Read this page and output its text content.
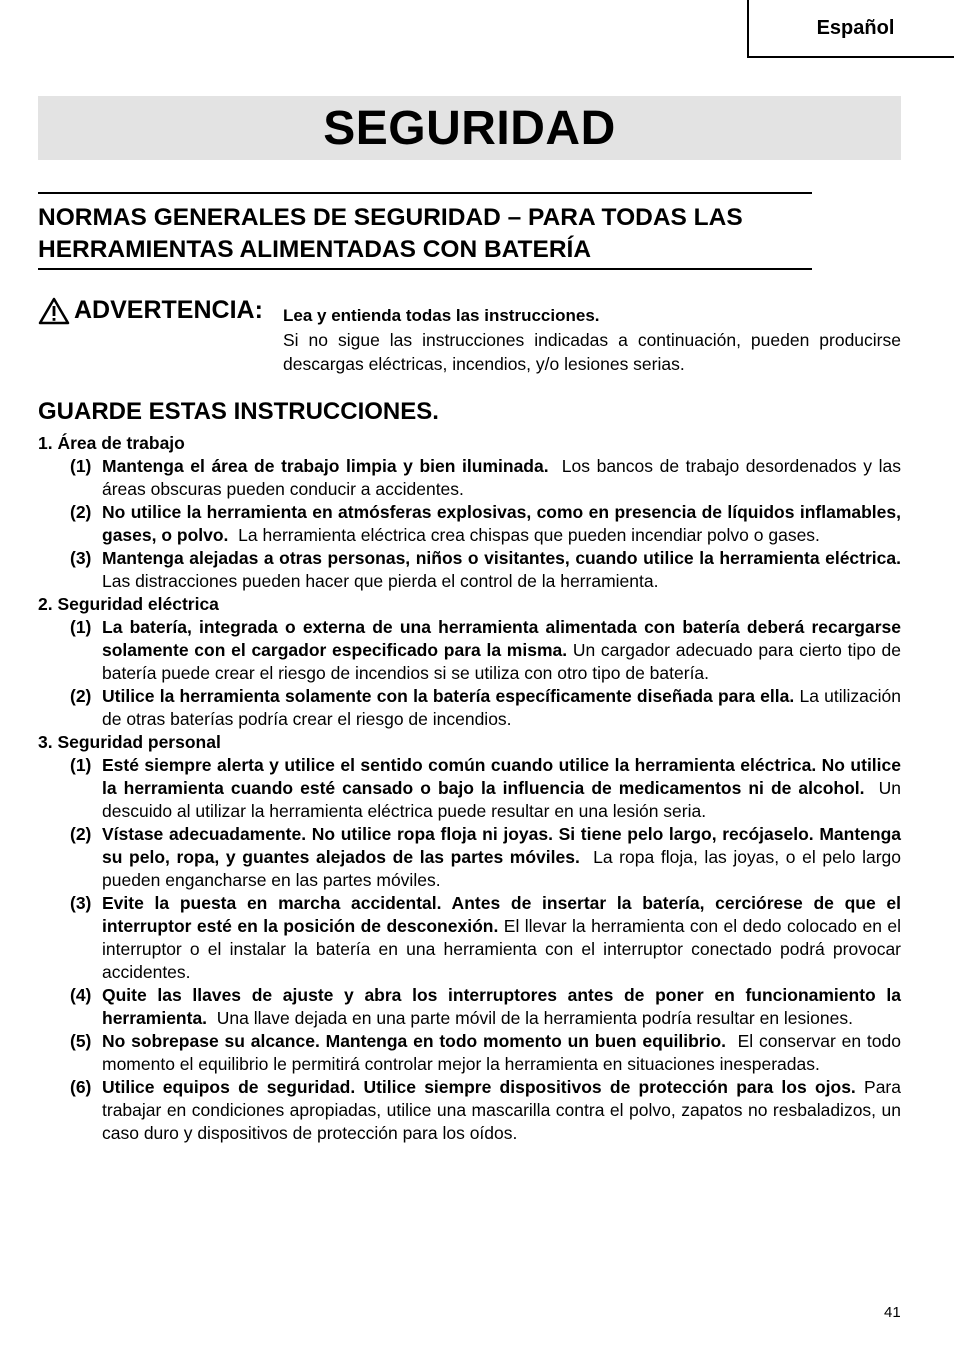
Español
SEGURIDAD
NORMAS GENERALES DE SEGURIDAD – PARA TODAS LAS HERRAMIENTAS ALIMENTADAS CON BATERÍA
ADVERTENCIA: Lea y entienda todas las instrucciones.
Si no sigue las instrucciones indicadas a continuación, pueden producirse descargas eléctricas, incendios, y/o lesiones serias.
GUARDE ESTAS INSTRUCCIONES.
1. Área de trabajo
(1) Mantenga el área de trabajo limpia y bien iluminada.  Los bancos de trabajo desordenados y las áreas obscuras pueden conducir a accidentes.
(2) No utilice la herramienta en atmósferas explosivas, como en presencia de líquidos inflamables, gases, o polvo.  La herramienta eléctrica crea chispas que pueden incendiar polvo o gases.
(3) Mantenga alejadas a otras personas, niños o visitantes, cuando utilice la herramienta eléctrica.  Las distracciones pueden hacer que pierda el control de la herramienta.
2. Seguridad eléctrica
(1) La batería, integrada o externa de una herramienta alimentada con batería deberá recargarse solamente con el cargador especificado para la misma. Un cargador adecuado para cierto tipo de batería puede crear el riesgo de incendios si se utiliza con otro tipo de batería.
(2) Utilice la herramienta solamente con la batería específicamente diseñada para ella. La utilización de otras baterías podría crear el riesgo de incendios.
3. Seguridad personal
(1) Esté siempre alerta y utilice el sentido común cuando utilice la herramienta eléctrica. No utilice la herramienta cuando esté cansado o bajo la influencia de medicamentos ni de alcohol.  Un descuido al utilizar la herramienta eléctrica puede resultar en una lesión seria.
(2) Vístase adecuadamente. No utilice ropa floja ni joyas. Si tiene pelo largo, recójaselo. Mantenga su pelo, ropa, y guantes alejados de las partes móviles.  La ropa floja, las joyas, o el pelo largo pueden engancharse en las partes móviles.
(3) Evite la puesta en marcha accidental. Antes de insertar la batería, cerciórese de que el interruptor esté en la posición de desconexión. El llevar la herramienta con el dedo colocado en el interruptor o el instalar la batería en una herramienta con el interruptor conectado podrá provocar accidentes.
(4) Quite las llaves de ajuste y abra los interruptores antes de poner en funcionamiento la herramienta.  Una llave dejada en una parte móvil de la herramienta podría resultar en lesiones.
(5) No sobrepase su alcance. Mantenga en todo momento un buen equilibrio.  El conservar en todo momento el equilibrio le permitirá controlar mejor la herramienta en situaciones inesperadas.
(6) Utilice equipos de seguridad. Utilice siempre dispositivos de protección para los ojos. Para trabajar en condiciones apropiadas, utilice una mascarilla contra el polvo, zapatos no resbaladizos, un caso duro y dispositivos de protección para los oídos.
41
